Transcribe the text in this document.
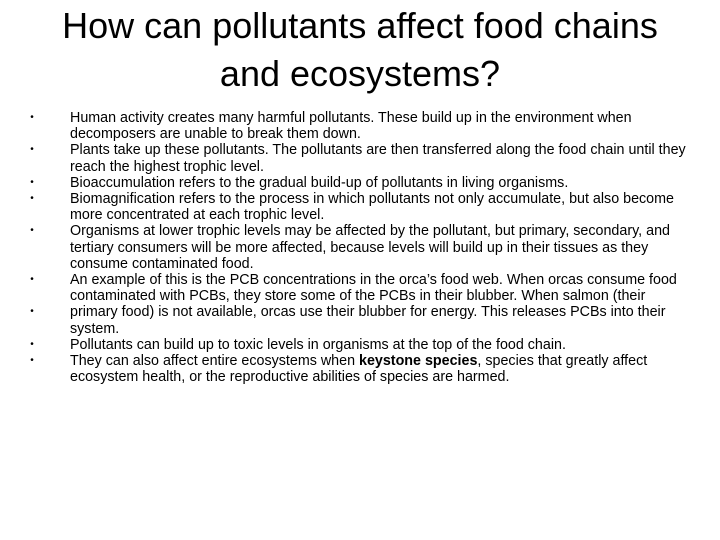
How can pollutants affect food chains and ecosystems?
•	Human activity creates many harmful pollutants. These build up in the environment when decomposers are unable to break them down.
•	Plants take up these pollutants. The pollutants are then transferred along the food chain until they reach the highest trophic level.
•	Bioaccumulation refers to the gradual build-up of pollutants in living organisms.
•	Biomagnification refers to the process in which pollutants not only accumulate, but also become more concentrated at each trophic level.
•	Organisms at lower trophic levels may be affected by the pollutant, but primary, secondary, and tertiary consumers will be more affected, because levels will build up in their tissues as they consume contaminated food.
•	An example of this is the PCB concentrations in the orca’s food web. When orcas consume food contaminated with PCBs, they store some of the PCBs in their blubber. When salmon (their
•	primary food) is not available, orcas use their blubber for energy. This releases PCBs into their system.
•	Pollutants can build up to toxic levels in organisms at the top of the food chain.
•	They can also affect entire ecosystems when keystone species, species that greatly affect ecosystem health, or the reproductive abilities of species are harmed.
